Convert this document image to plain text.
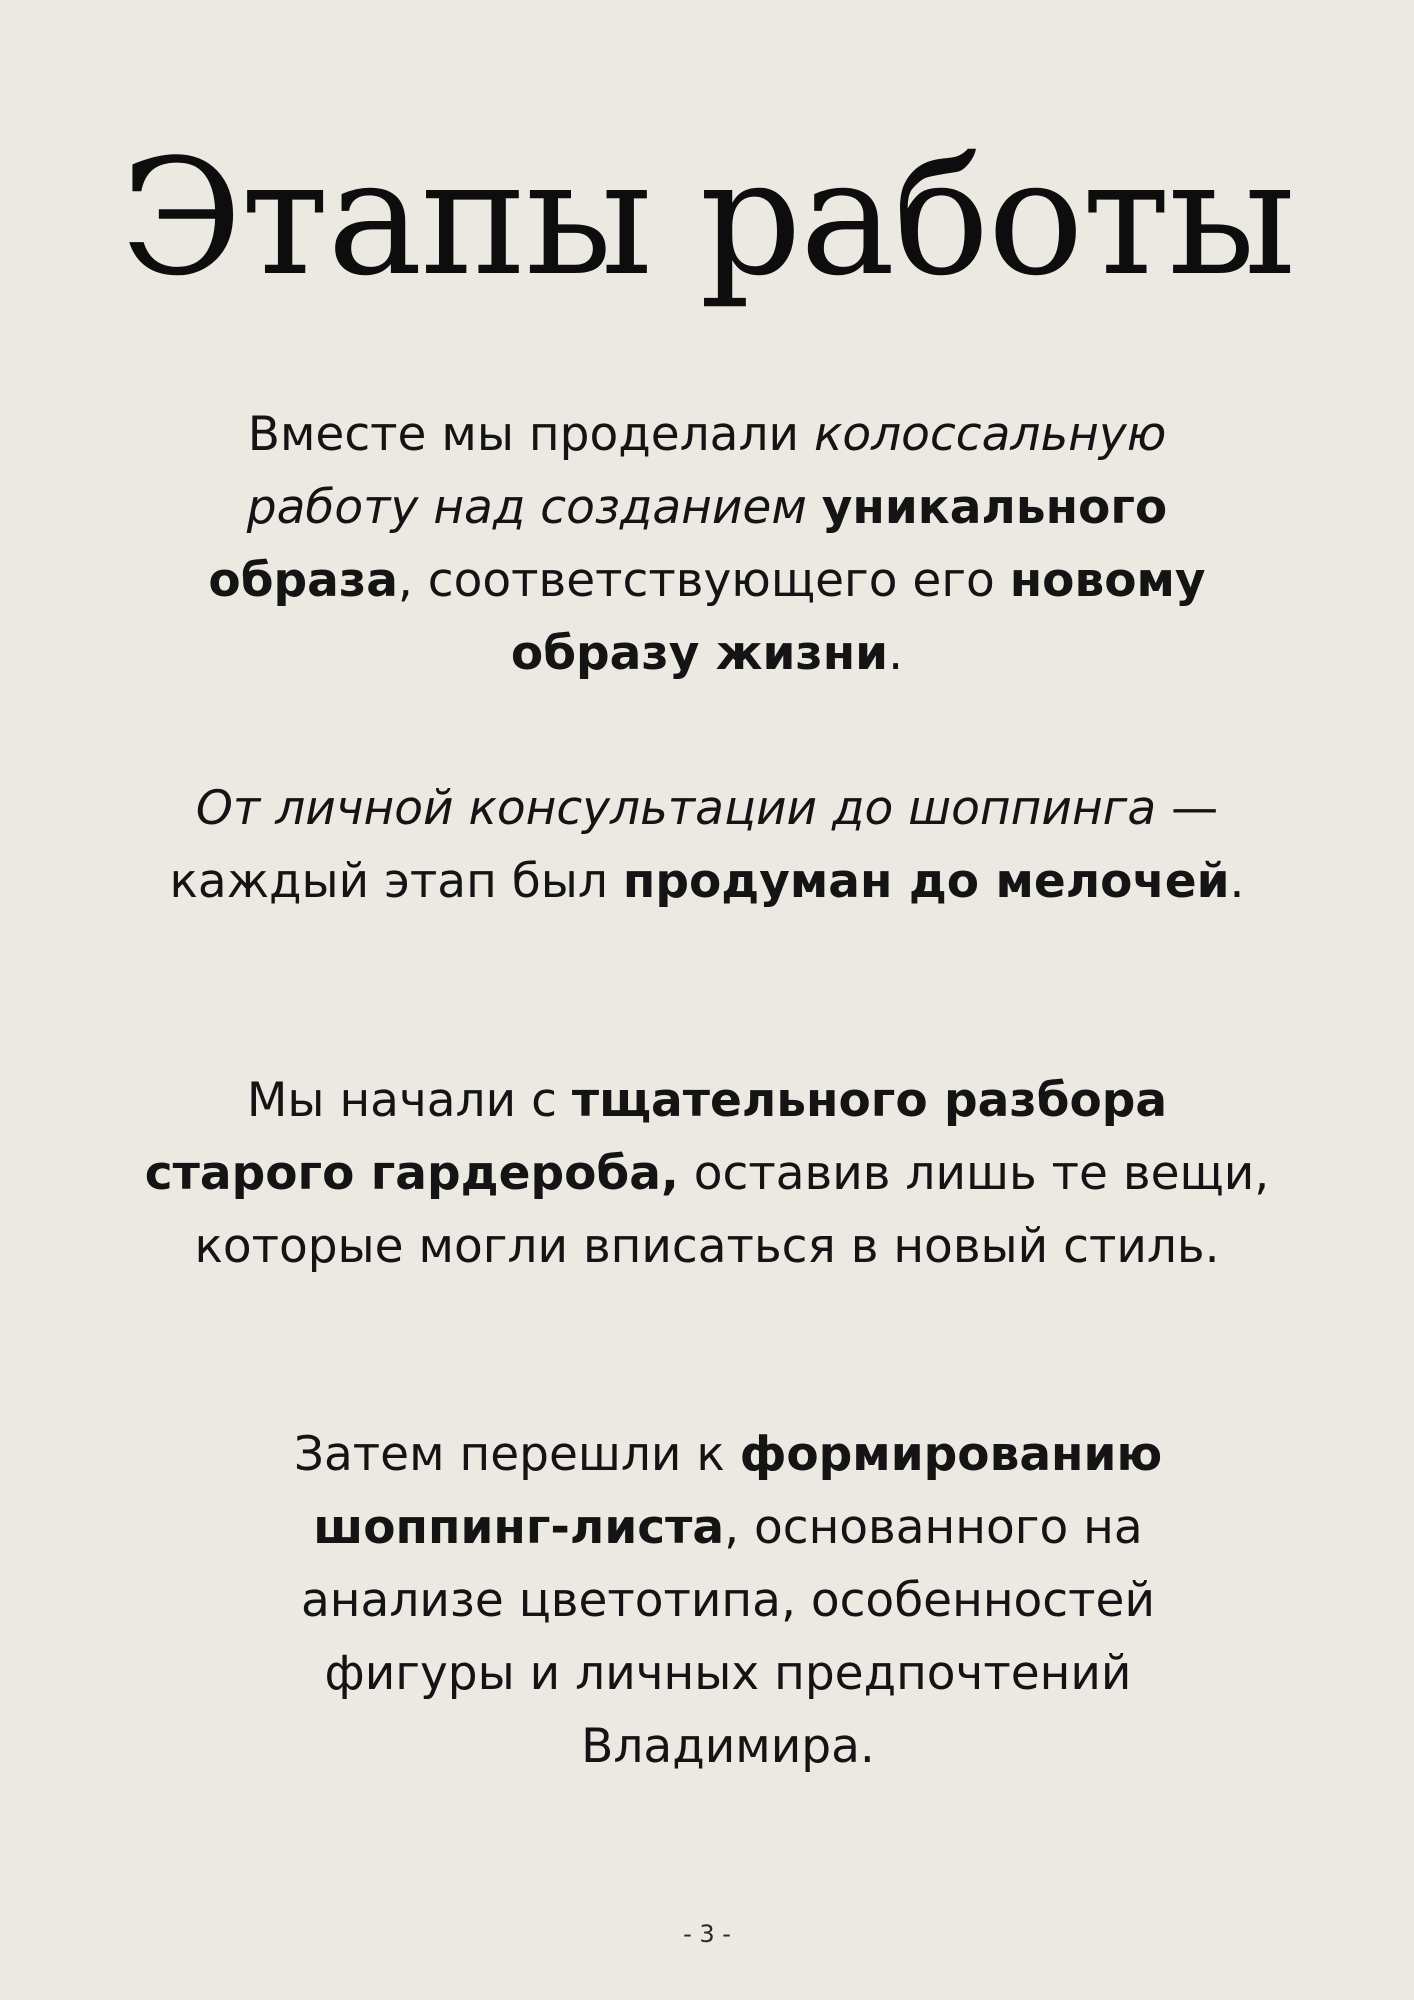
Этапы работы

Вместе мы проделали колоссальную работу над созданием уникального образа, соответствующего его новому образу жизни.

От личной консультации до шоппинга — каждый этап был продуман до мелочей.

Мы начали с тщательного разбора старого гардероба, оставив лишь те вещи, которые могли вписаться в новый стиль.

Затем перешли к формированию шоппинг-листа, основанного на анализе цветотипа, особенностей фигуры и личных предпочтений Владимира.

- 3 -
